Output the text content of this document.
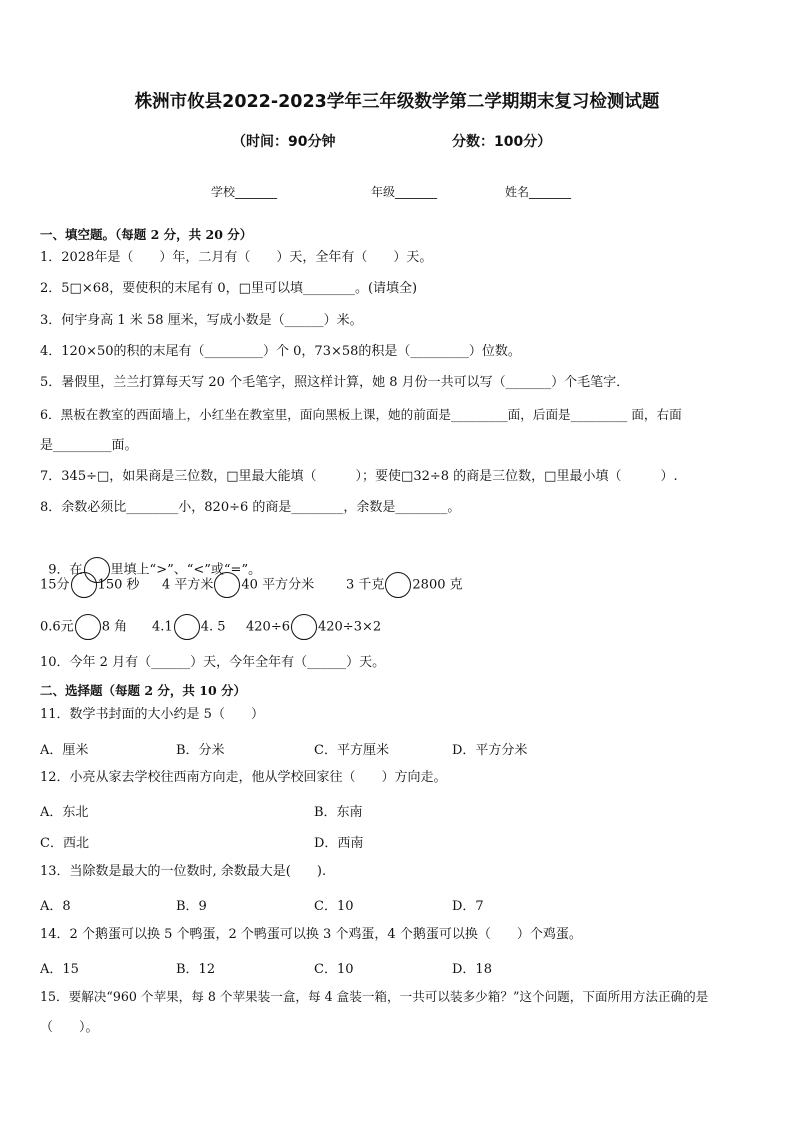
株洲市攸县2022-2023学年三年级数学第二学期期末复习检测试题
（时间：90分钟	分数：100分）
学校_______	年级_______	姓名_______
一、填空题。（每题 2 分，共 20 分）
1．2028年是（　　）年，二月有（　　）天，全年有（　　）天。
2．5□×68，要使积的末尾有 0，□里可以填________。(请填全)
3．何宇身高 1 米 58 厘米，写成小数是（______）米。
4．120×50的积的末尾有（_________）个 0，73×58的积是（_________）位数。
5．暑假里，兰兰打算每天写 20 个毛笔字，照这样计算，她 8 月份一共可以写（_______）个毛笔字．
6．黑板在教室的西面墙上，小红坐在教室里，面向黑板上课，她的前面是_________面，后面是_________ 面，右面
是_________面。
7．345÷□，如果商是三位数，□里最大能填（　　　）；要使□32÷8 的商是三位数，□里最小填（　　　）.
8．余数必须比________小，820÷6 的商是________，余数是________。

9．在 里填上“>”、“<”或“=”。

15分 150 秒 4 平方米 40 平方分米 3 千克 2800 克
0.6元 8 角 4.1 4. 5 420÷6 420÷3×2
10．今年 2 月有（______）天，今年全年有（______）天。
二、选择题（每题 2 分，共 10 分）
11．数学书封面的大小约是 5（　　）
A．厘米	B．分米	C．平方厘米	D．平方分米
12．小亮从家去学校往西南方向走，他从学校回家往（　　）方向走。
A．东北	B．东南
C．西北	D．西南
13．当除数是最大的一位数时, 余数最大是(　　).
A．8	B．9	C．10	D．7
14．2 个鹅蛋可以换 5 个鸭蛋，2 个鸭蛋可以换 3 个鸡蛋，4 个鹅蛋可以换（　　）个鸡蛋。
A．15	B．12	C．10	D．18
15．要解决“960 个苹果，每 8 个苹果装一盒，每 4 盒装一箱，一共可以装多少箱？”这个问题，下面所用方法正确的是
（　　）。
